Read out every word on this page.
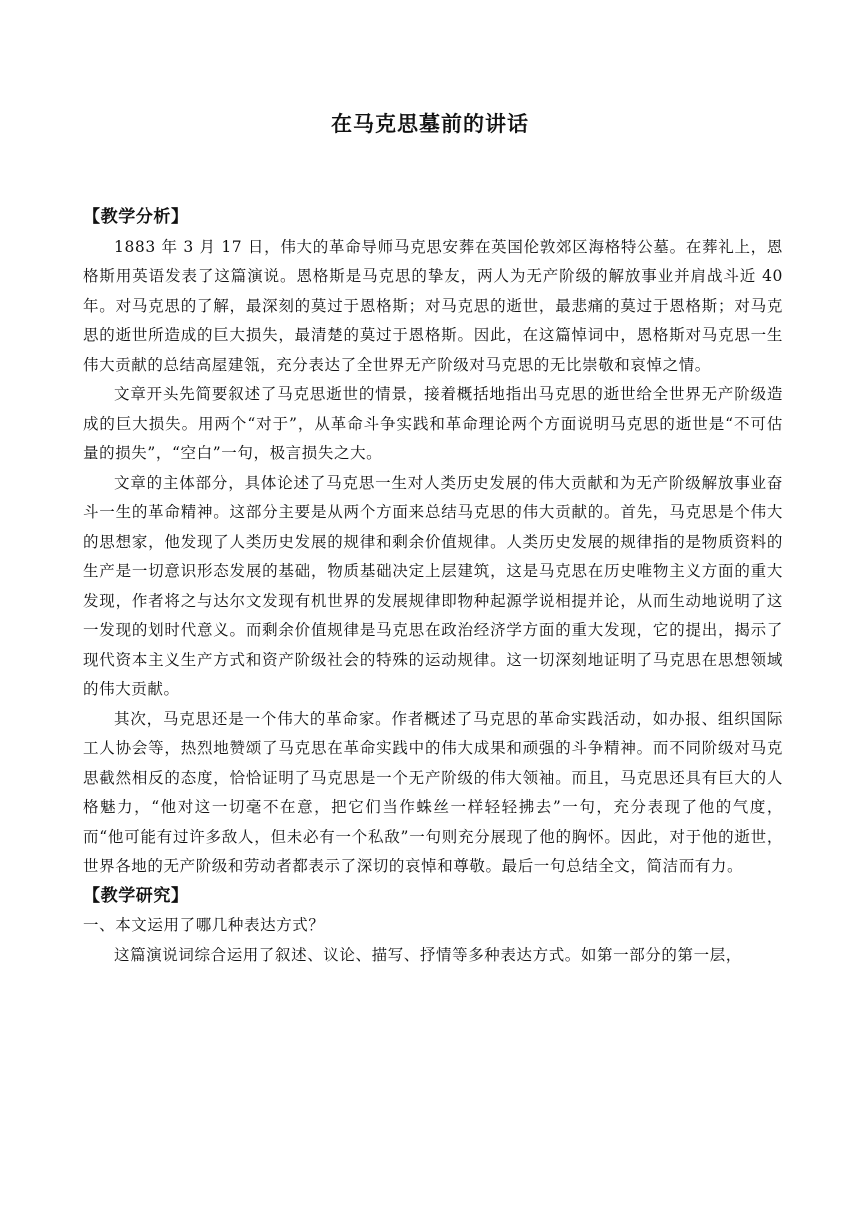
在马克思墓前的讲话
【教学分析】

1883 年 3 月 17 日，伟大的革命导师马克思安葬在英国伦敦郊区海格特公墓。在葬礼上，恩格斯用英语发表了这篇演说。恩格斯是马克思的挚友，两人为无产阶级的解放事业并肩战斗近 40 年。对马克思的了解，最深刻的莫过于恩格斯；对马克思的逝世，最悲痛的莫过于恩格斯；对马克思的逝世所造成的巨大损失，最清楚的莫过于恩格斯。因此，在这篇悼词中，恩格斯对马克思一生伟大贡献的总结高屋建瓴，充分表达了全世界无产阶级对马克思的无比崇敬和哀悼之情。

文章开头先简要叙述了马克思逝世的情景，接着概括地指出马克思的逝世给全世界无产阶级造成的巨大损失。用两个“对于”，从革命斗争实践和革命理论两个方面说明马克思的逝世是“不可估量的损失”，“空白”一句，极言损失之大。

文章的主体部分，具体论述了马克思一生对人类历史发展的伟大贡献和为无产阶级解放事业奋斗一生的革命精神。这部分主要是从两个方面来总结马克思的伟大贡献的。首先，马克思是个伟大的思想家，他发现了人类历史发展的规律和剩余价值规律。人类历史发展的规律指的是物质资料的生产是一切意识形态发展的基础，物质基础决定上层建筑，这是马克思在历史唯物主义方面的重大发现，作者将之与达尔文发现有机世界的发展规律即物种起源学说相提并论，从而生动地说明了这一发现的划时代意义。而剩余价值规律是马克思在政治经济学方面的重大发现，它的提出，揭示了现代资本主义生产方式和资产阶级社会的特殊的运动规律。这一切深刻地证明了马克思在思想领域的伟大贡献。

其次，马克思还是一个伟大的革命家。作者概述了马克思的革命实践活动，如办报、组织国际工人协会等，热烈地赞颂了马克思在革命实践中的伟大成果和顽强的斗争精神。而不同阶级对马克思截然相反的态度，恰恰证明了马克思是一个无产阶级的伟大领袖。而且，马克思还具有巨大的人格魅力，“他对这一切毫不在意，把它们当作蛛丝一样轻轻拂去”一句，充分表现了他的气度，而“他可能有过许多敌人，但未必有一个私敌”一句则充分展现了他的胸怀。因此，对于他的逝世，世界各地的无产阶级和劳动者都表示了深切的哀悼和尊敬。最后一句总结全文，简洁而有力。

【教学研究】

一、本文运用了哪几种表达方式？

这篇演说词综合运用了叙述、议论、描写、抒情等多种表达方式。如第一部分的第一层，
